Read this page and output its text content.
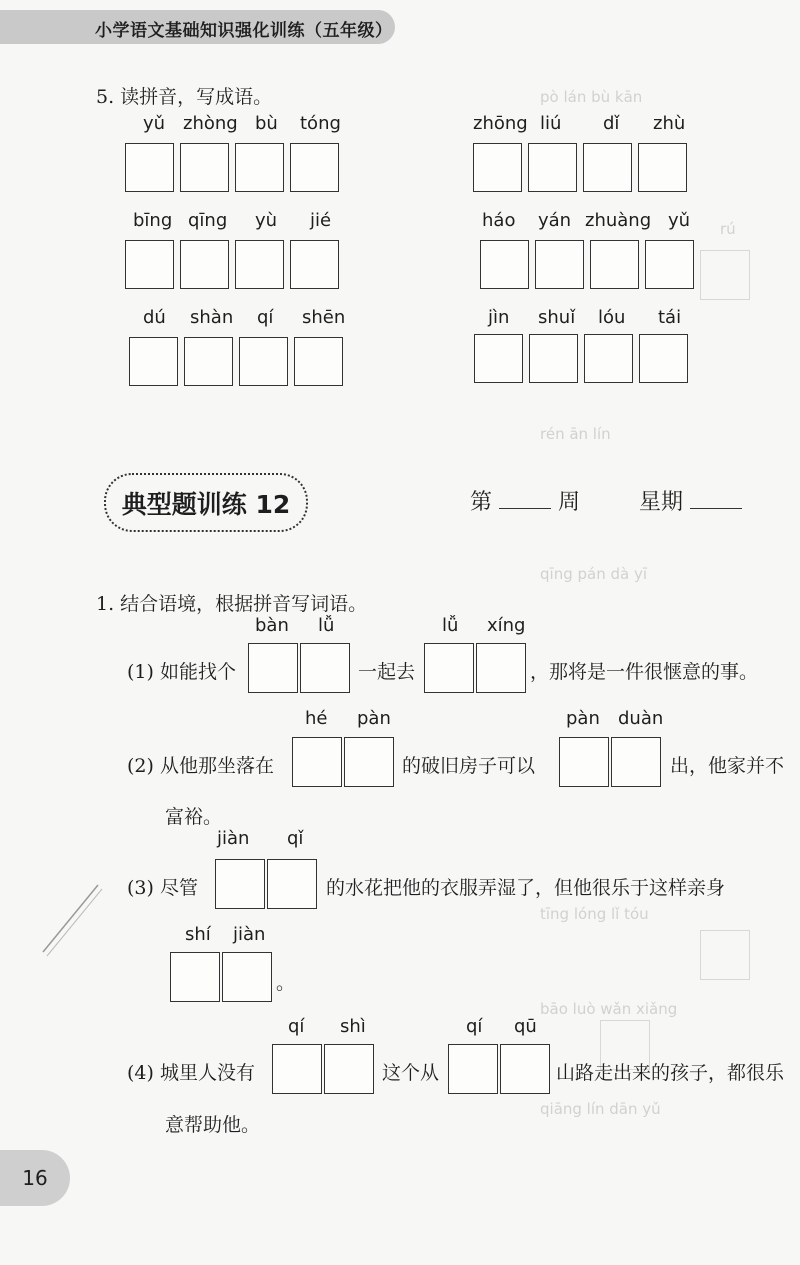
pò lán bù kān
rú
rén ān lín
qīng pán dà yī
tīng lóng lǐ tóu
bāo luò wǎn xiǎng
qiāng lín dān yǔ
小学语文基础知识强化训练（五年级）
5. 读拼音，写成语。
yǔ zhòng bù tóng	zhōng liú dǐ zhù
bīng qīng yù jié	háo yán zhuàng yǔ
dú shàn qí shēn	jìn shuǐ lóu tái
典型题训练 12	第	周	星期
1. 结合语境，根据拼音写词语。
bàn lǚ	lǚ xíng
(1) 如能找个	一起去	，那将是一件很惬意的事。
hé pàn	pàn duàn
(2) 从他那坐落在	的破旧房子可以	出，他家并不
富裕。
jiàn qǐ
(3) 尽管	的水花把他的衣服弄湿了，但他很乐于这样亲身
shí jiàn
。
qí shì	qí qū
(4) 城里人没有	这个从	山路走出来的孩子，都很乐
意帮助他。
16
